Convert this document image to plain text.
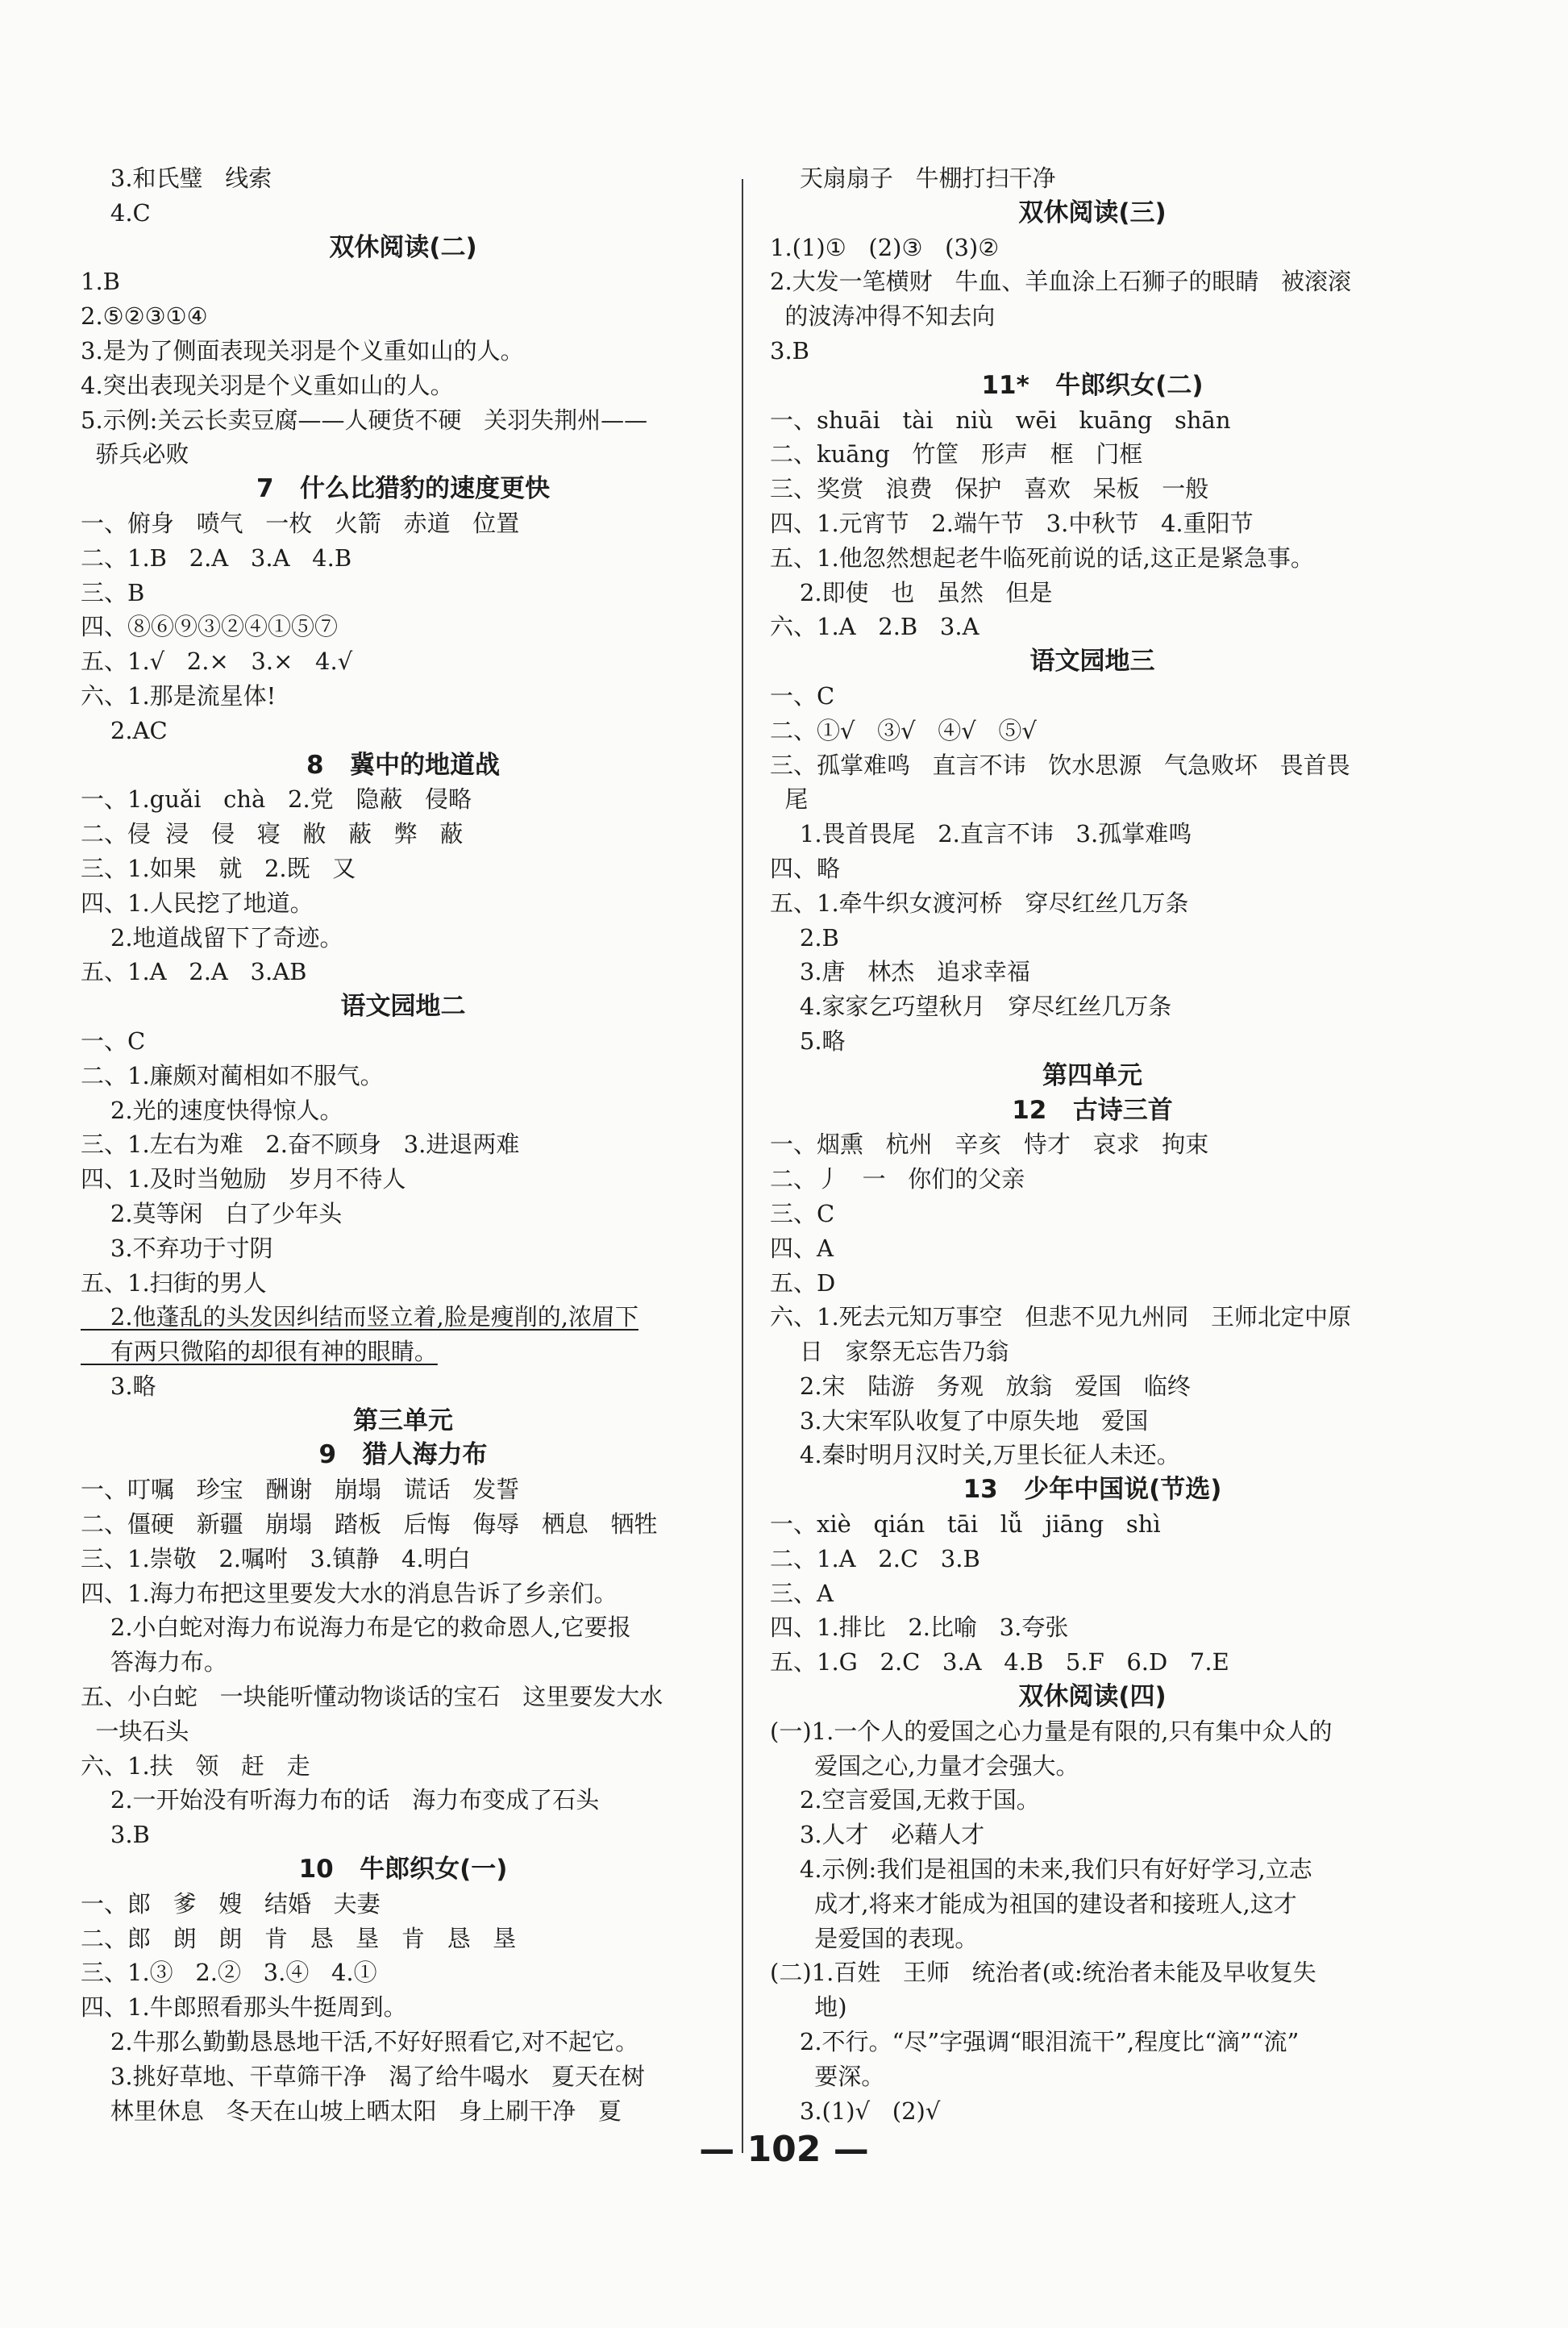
3.和氏璧   线索
4.C
双休阅读(二)
1.B
2.⑤②③①④
3.是为了侧面表现关羽是个义重如山的人。
4.突出表现关羽是个义重如山的人。
5.示例:关云长卖豆腐——人硬货不硬   关羽失荆州——
骄兵必败
7   什么比猎豹的速度更快
一、俯身   喷气   一枚   火箭   赤道   位置
二、1.B   2.A   3.A   4.B
三、B
四、⑧⑥⑨③②④①⑤⑦
五、1.√   2.×   3.×   4.√
六、1.那是流星体!
2.AC
8   冀中的地道战
一、1.guǎi   chà   2.党   隐蔽   侵略
二、侵  浸   侵   寝   敝   蔽   弊   蔽
三、1.如果   就   2.既   又
四、1.人民挖了地道。
2.地道战留下了奇迹。
五、1.A   2.A   3.AB
语文园地二
一、C
二、1.廉颇对蔺相如不服气。
2.光的速度快得惊人。
三、1.左右为难   2.奋不顾身   3.进退两难
四、1.及时当勉励   岁月不待人
2.莫等闲   白了少年头
3.不弃功于寸阴
五、1.扫街的男人
2.他蓬乱的头发因纠结而竖立着,脸是瘦削的,浓眉下
有两只微陷的却很有神的眼睛。
3.略
第三单元
9   猎人海力布
一、叮嘱   珍宝   酬谢   崩塌   谎话   发誓
二、僵硬   新疆   崩塌   踏板   后悔   侮辱   栖息   牺牲
三、1.崇敬   2.嘱咐   3.镇静   4.明白
四、1.海力布把这里要发大水的消息告诉了乡亲们。
2.小白蛇对海力布说海力布是它的救命恩人,它要报
答海力布。
五、小白蛇   一块能听懂动物谈话的宝石   这里要发大水
一块石头
六、1.扶   领   赶   走
2.一开始没有听海力布的话   海力布变成了石头
3.B
10   牛郎织女(一)
一、郎   爹   嫂   结婚   夫妻
二、郎   朗   朗   肯   恳   垦   肯   恳   垦
三、1.③   2.②   3.④   4.①
四、1.牛郎照看那头牛挺周到。
2.牛那么勤勤恳恳地干活,不好好照看它,对不起它。
3.挑好草地、干草筛干净   渴了给牛喝水   夏天在树
林里休息   冬天在山坡上晒太阳   身上刷干净   夏
天扇扇子   牛棚打扫干净
双休阅读(三)
1.(1)①   (2)③   (3)②
2.大发一笔横财   牛血、羊血涂上石狮子的眼睛   被滚滚
的波涛冲得不知去向
3.B
11*   牛郎织女(二)
一、shuāi   tài   niù   wēi   kuāng   shān
二、kuāng   竹筐   形声   框   门框
三、奖赏   浪费   保护   喜欢   呆板   一般
四、1.元宵节   2.端午节   3.中秋节   4.重阳节
五、1.他忽然想起老牛临死前说的话,这正是紧急事。
2.即使   也   虽然   但是
六、1.A   2.B   3.A
语文园地三
一、C
二、①√   ③√   ④√   ⑤√
三、孤掌难鸣   直言不讳   饮水思源   气急败坏   畏首畏
尾
1.畏首畏尾   2.直言不讳   3.孤掌难鸣
四、略
五、1.牵牛织女渡河桥   穿尽红丝几万条
2.B
3.唐   林杰   追求幸福
4.家家乞巧望秋月   穿尽红丝几万条
5.略
第四单元
12   古诗三首
一、烟熏   杭州   辛亥   恃才   哀求   拘束
二、丿   一   你们的父亲
三、C
四、A
五、D
六、1.死去元知万事空   但悲不见九州同   王师北定中原
日   家祭无忘告乃翁
2.宋   陆游   务观   放翁   爱国   临终
3.大宋军队收复了中原失地   爱国
4.秦时明月汉时关,万里长征人未还。
13   少年中国说(节选)
一、xiè   qián   tāi   lǚ   jiāng   shì
二、1.A   2.C   3.B
三、A
四、1.排比   2.比喻   3.夸张
五、1.G   2.C   3.A   4.B   5.F   6.D   7.E
双休阅读(四)
(一)1.一个人的爱国之心力量是有限的,只有集中众人的
爱国之心,力量才会强大。
2.空言爱国,无救于国。
3.人才   必藉人才
4.示例:我们是祖国的未来,我们只有好好学习,立志
成才,将来才能成为祖国的建设者和接班人,这才
是爱国的表现。
(二)1.百姓   王师   统治者(或:统治者未能及早收复失
地)
2.不行。“尽”字强调“眼泪流干”,程度比“滴”“流”
要深。
3.(1)√   (2)√
— 102 —
